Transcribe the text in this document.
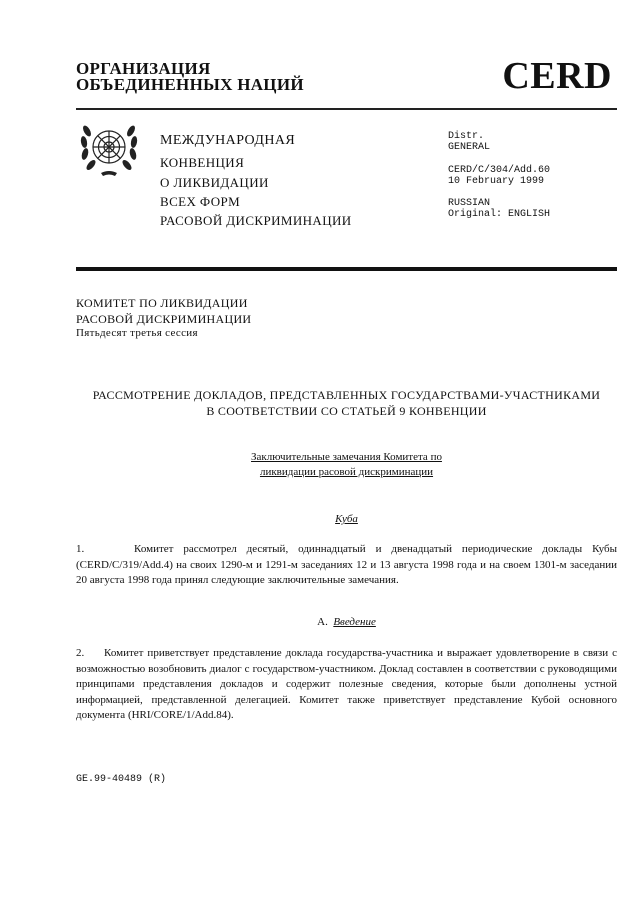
ОРГАНИЗАЦИЯ
ОБЪЕДИНЕННЫХ НАЦИЙ	CERD
МЕЖДУНАРОДНАЯ
КОНВЕНЦИЯ
О ЛИКВИДАЦИИ
ВСЕХ ФОРМ
РАСОВОЙ ДИСКРИМИНАЦИИ
Distr.
GENERAL
CERD/C/304/Add.60
10 February 1999
RUSSIAN
Original: ENGLISH
КОМИТЕТ ПО ЛИКВИДАЦИИ
РАСОВОЙ ДИСКРИМИНАЦИИ
Пятьдесят третья сессия
РАССМОТРЕНИЕ ДОКЛАДОВ, ПРЕДСТАВЛЕННЫХ ГОСУДАРСТВАМИ-УЧАСТНИКАМИ
В СООТВЕТСТВИИ СО СТАТЬЕЙ 9 КОНВЕНЦИИ
Заключительные замечания Комитета по
ликвидации расовой дискриминации
Куба
1.	Комитет рассмотрел десятый, одиннадцатый и двенадцатый периодические доклады Кубы (CERD/C/319/Add.4) на своих 1290-м и 1291-м заседаниях 12 и 13 августа 1998 года и на своем 1301-м заседании 20 августа 1998 года принял следующие заключительные замечания.
A. Введение
2. Комитет приветствует представление доклада государства-участника и выражает удовлетворение в связи с возможностью возобновить диалог с государством-участником. Доклад составлен в соответствии с руководящими принципами представления докладов и содержит полезные сведения, которые были дополнены устной информацией, представленной делегацией. Комитет также приветствует представление Кубой основного документа (HRI/CORE/1/Add.84).
GE.99-40489 (R)
